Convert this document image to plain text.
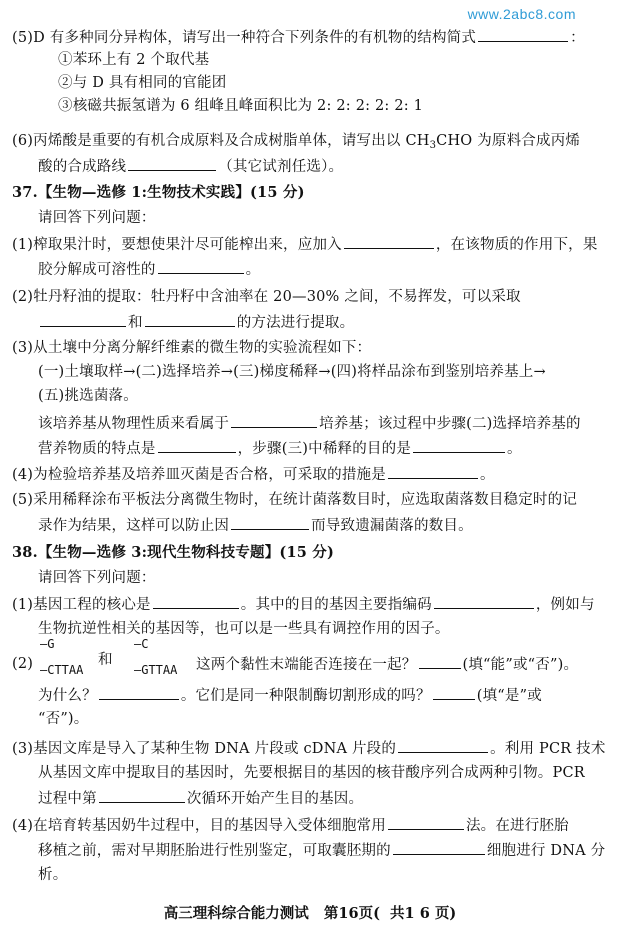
www.2abc8.com
(5)D 有多种同分异构体，请写出一种符合下列条件的有机物的结构简式	：
①苯环上有 2 个取代基
②与 D 具有相同的官能团
③核磁共振氢谱为 6 组峰且峰面积比为 2: 2: 2: 2: 2: 1
(6)丙烯酸是重要的有机合成原料及合成树脂单体，请写出以 $CH_3CHO$ 为原料合成丙烯
酸的合成路线	（其它试剂任选）。
37.【生物—选修 1:生物技术实践】(15 分)
请回答下列问题：
(1)榨取果汁时，要想使果汁尽可能榨出来，应加入	，在该物质的作用下，果
胶分解成可溶性的	。
(2)牡丹籽油的提取：牡丹籽中含油率在 20—30% 之间，不易挥发，可以采取
和	的方法进行提取。
(3)从土壤中分离分解纤维素的微生物的实验流程如下：
(一)土壤取样→(二)选择培养→(三)梯度稀释→(四)将样品涂布到鉴别培养基上→
(五)挑选菌落。
该培养基从物理性质来看属于	培养基；该过程中步骤(二)选择培养基的
营养物质的特点是	，步骤(三)中稀释的目的是	。
(4)为检验培养基及培养皿灭菌是否合格，可采取的措施是	。
(5)采用稀释涂布平板法分离微生物时，在统计菌落数目时，应选取菌落数目稳定时的记
录作为结果，这样可以防止因	而导致遗漏菌落的数目。
38.【生物—选修 3:现代生物科技专题】(15 分)
请回答下列问题：
(1)基因工程的核心是	。其中的目的基因主要指编码	，例如与
生物抗逆性相关的基因等，也可以是一些具有调控作用的因子。
(2)
—G
—CTTAA
和
—C
—GTTAA 这两个黏性末端能否连接在一起？	(填“能”或“否”)。
为什么？	。它们是同一种限制酶切割形成的吗？	(填“是”或
“否”)。
(3)基因文库是导入了某种生物 DNA 片段或 cDNA 片段的	。利用 PCR 技术
从基因文库中提取目的基因时，先要根据目的基因的核苷酸序列合成两种引物。PCR
过程中第	次循环开始产生目的基因。
(4)在培育转基因奶牛过程中，目的基因导入受体细胞常用	法。在进行胚胎
移植之前，需对早期胚胎进行性别鉴定，可取囊胚期的	细胞进行 DNA 分
析。
高三理科综合能力测试   第16页(  共1 6 页)
